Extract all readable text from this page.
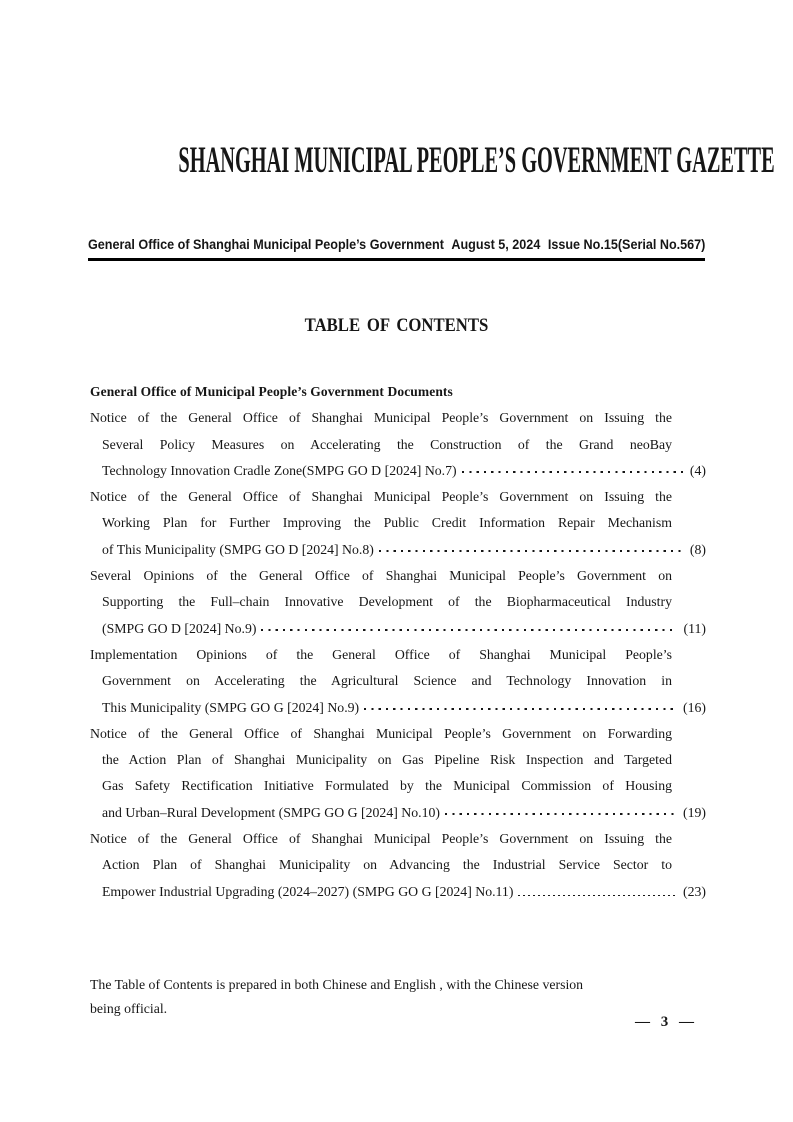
SHANGHAI MUNICIPAL PEOPLE’S GOVERNMENT GAZETTE
General Office of Shanghai Municipal People’s Government August 5, 2024 Issue No.15(Serial No.567)
TABLE OF CONTENTS
General Office of Municipal People’s Government Documents
Notice of the General Office of Shanghai Municipal People’s Government on Issuing the
Several Policy Measures on Accelerating the Construction of the Grand neoBay
Technology Innovation Cradle Zone(SMPG GO D [2024] No.7)	(4)
Notice of the General Office of Shanghai Municipal People’s Government on Issuing the
Working Plan for Further Improving the Public Credit Information Repair Mechanism
of This Municipality (SMPG GO D [2024] No.8)	(8)
Several Opinions of the General Office of Shanghai Municipal People’s Government on
Supporting the Full–chain Innovative Development of the Biopharmaceutical Industry
(SMPG GO D [2024] No.9)	(11)
Implementation Opinions of the General Office of Shanghai Municipal People’s
Government on Accelerating the Agricultural Science and Technology Innovation in
This Municipality (SMPG GO G [2024] No.9)	(16)
Notice of the General Office of Shanghai Municipal People’s Government on Forwarding
the Action Plan of Shanghai Municipality on Gas Pipeline Risk Inspection and Targeted
Gas Safety Rectification Initiative Formulated by the Municipal Commission of Housing
and Urban–Rural Development (SMPG GO G [2024] No.10)	(19)
Notice of the General Office of Shanghai Municipal People’s Government on Issuing the
Action Plan of Shanghai Municipality on Advancing the Industrial Service Sector to
Empower Industrial Upgrading (2024–2027) (SMPG GO G [2024] No.11)	(23)
The Table of Contents is prepared in both Chinese and English , with the Chinese version
being official.
— 3 —
